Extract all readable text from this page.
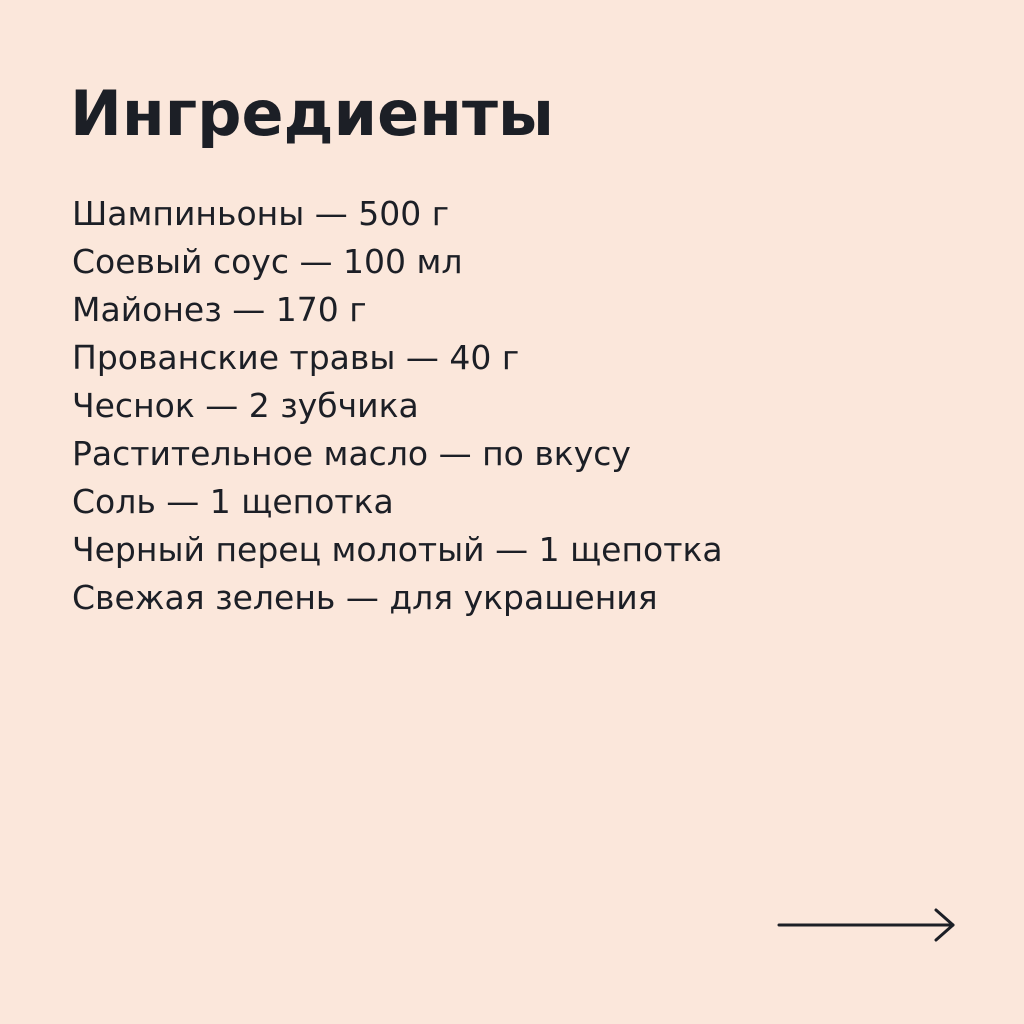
Ингредиенты
Шампиньоны — 500 г
Соевый соус — 100 мл
Майонез — 170 г
Прованские травы — 40 г
Чеснок — 2 зубчика
Растительное масло — по вкусу
Соль — 1 щепотка
Черный перец молотый — 1 щепотка
Свежая зелень — для украшения
